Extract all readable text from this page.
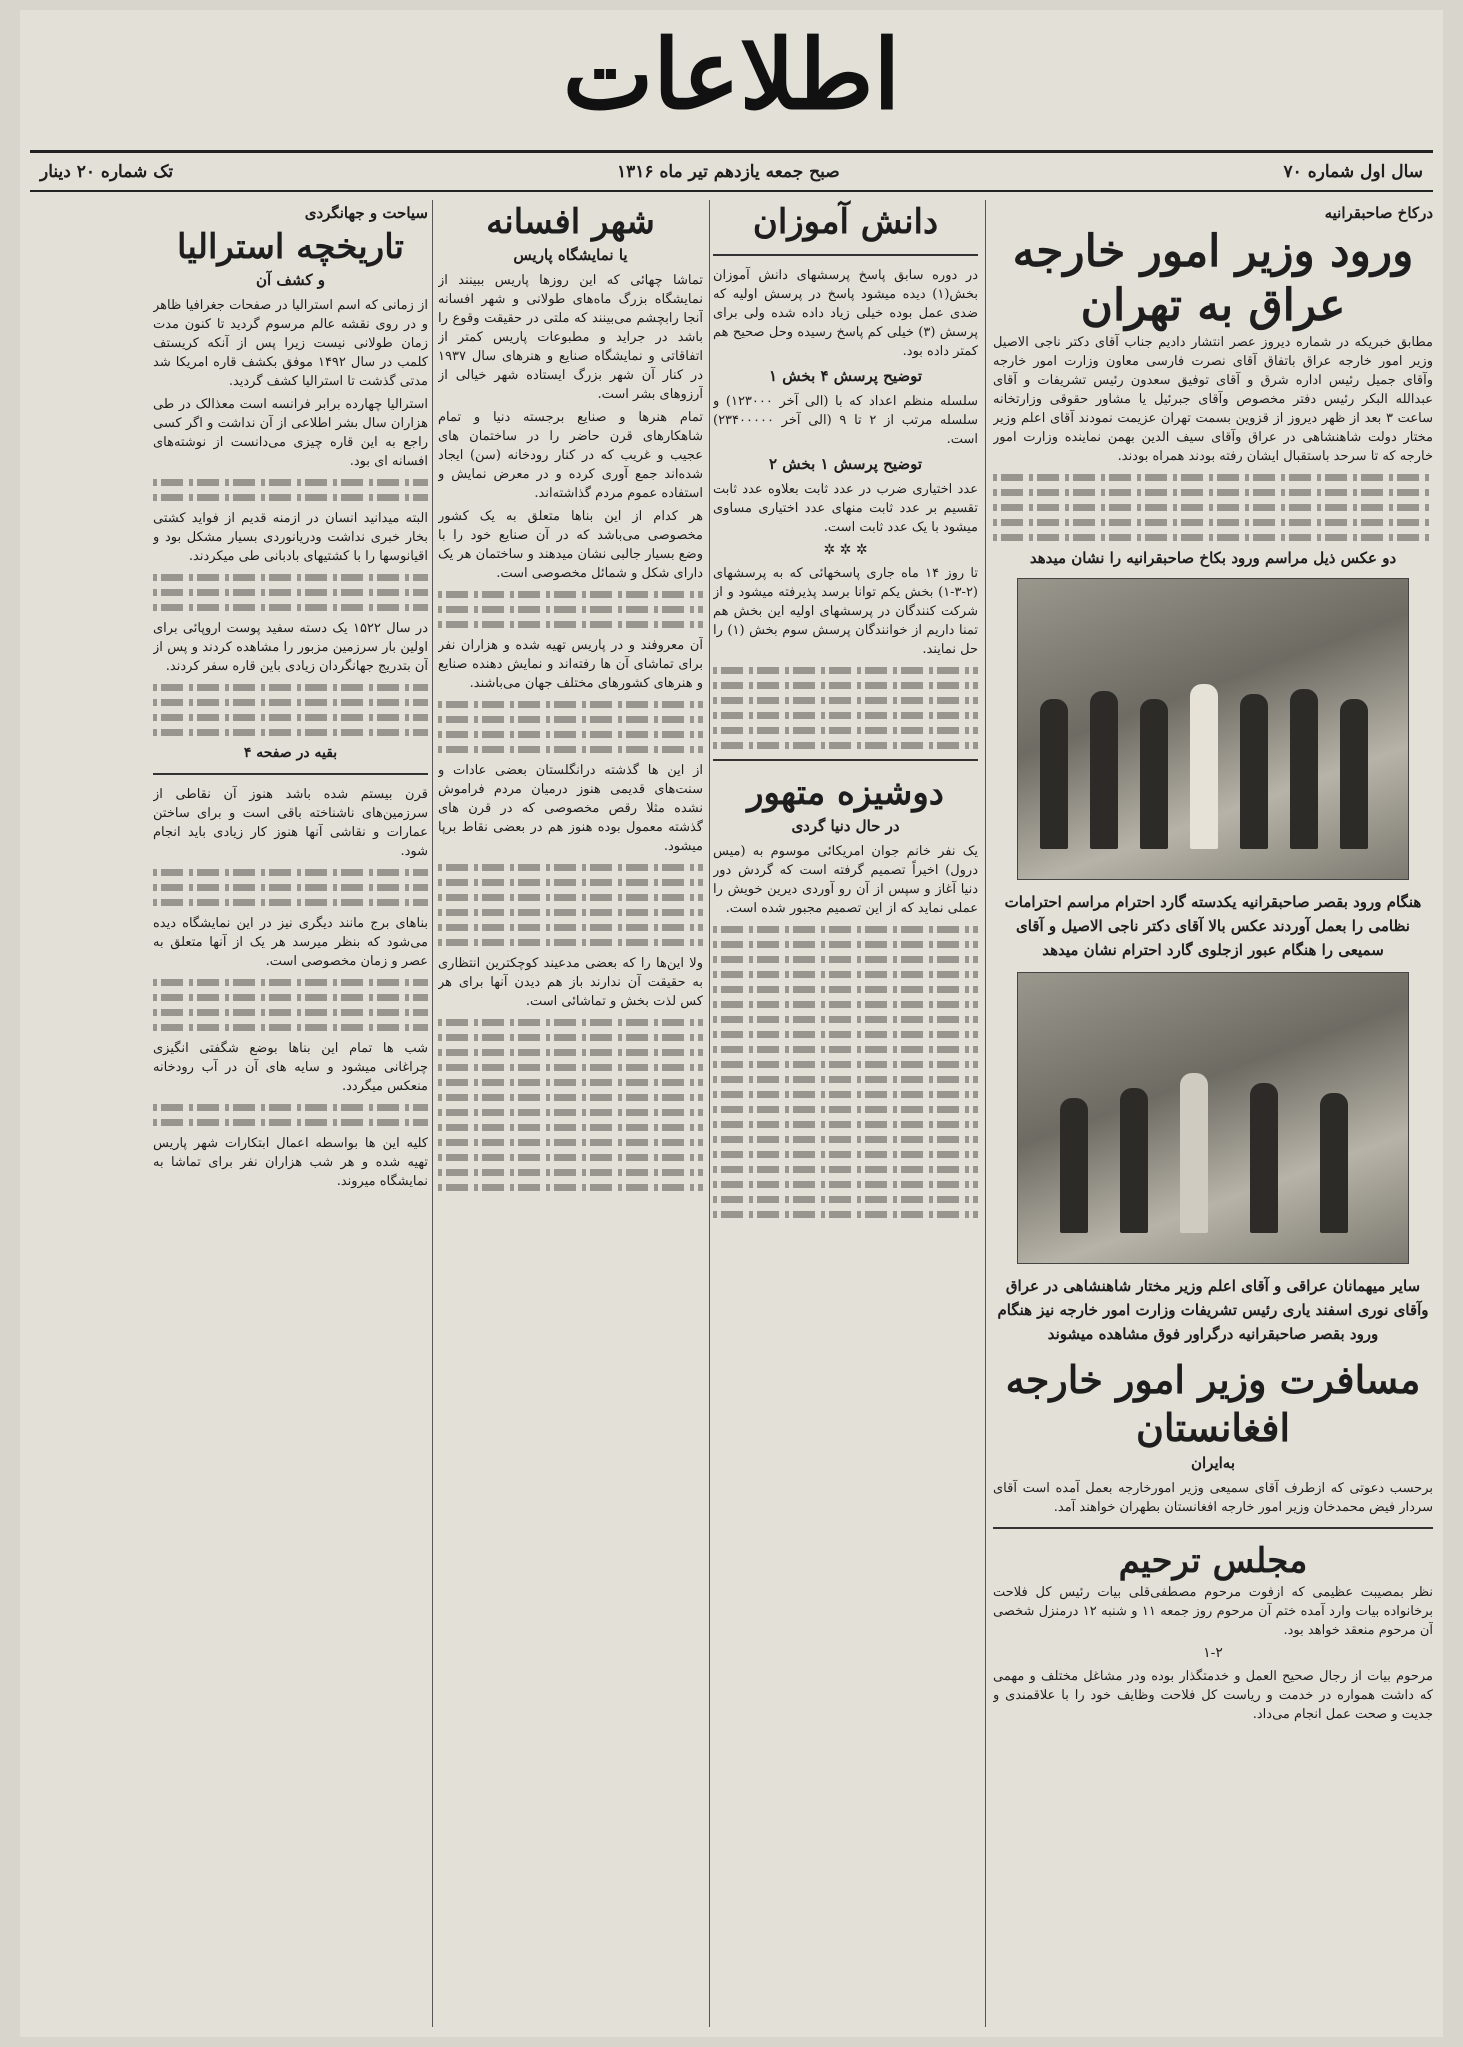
اطلاعات
سال اول شماره ۷۰
صبح جمعه یازدهم تیر ماه ۱۳۱۶
تک شماره ۲۰ دینار
درکاخ صاحبقرانیه
ورود وزیر امور خارجه عراق به تهران

مطابق خبریکه در شماره دیروز عصر انتشار دادیم جناب آقای دکتر ناجی الاصیل وزیر امور خارجه عراق باتفاق آقای نصرت فارسی معاون وزارت امور خارجه وآقای جمیل رئیس اداره شرق و آقای توفیق سعدون رئیس تشریفات و آقای عبدالله البکر رئیس دفتر مخصوص وآقای جبرئیل یا مشاور حقوقی وزارتخانه ساعت ۳ بعد از ظهر دیروز از قزوین بسمت تهران عزیمت نمودند آقای اعلم وزیر مختار دولت شاهنشاهی در عراق وآقای سیف الدین بهمن نماینده وزارت امور خارجه که تا سرحد باستقبال ایشان رفته بودند همراه بودند.

دو عکس ذیل مراسم ورود بکاخ صاحبقرانیه را نشان میدهد
هنگام ورود بقصر صاحبقرانیه یکدسته گارد احترام مراسم احترامات نظامی را بعمل آوردند عکس بالا آقای دکتر ناجی الاصیل و آقای سمیعی را هنگام عبور ازجلوی گارد احترام نشان میدهد
سایر میهمانان عراقی و آقای اعلم وزیر مختار شاهنشاهی در عراق وآقای نوری اسفند یاری رئیس تشریفات وزارت امور خارجه نیز هنگام ورود بقصر صاحبقرانیه درگراور فوق مشاهده میشوند
مسافرت وزیر امور خارجه افغانستان
به‌ایران

برحسب دعوتی که ازطرف آقای سمیعی وزیر امورخارجه بعمل آمده است آقای سردار فیض محمدخان وزیر امور خارجه افغانستان بطهران خواهند آمد.

مجلس ترحیم

نظر بمصیبت عظیمی که ازفوت مرحوم مصطفی‌قلی بیات رئیس کل فلاحت برخانواده بیات وارد آمده ختم آن مرحوم روز جمعه ۱۱ و شنبه ۱۲ درمنزل شخصی آن مرحوم منعقد خواهد بود.

۱-۲

مرحوم بیات از رجال صحیح العمل و خدمتگذار بوده ودر مشاغل مختلف و مهمی که داشت همواره در خدمت و ریاست کل فلاحت وظایف خود را با علاقمندی و جدیت و صحت عمل انجام می‌داد.

دانش آموزان

در دوره سابق پاسخ پرسشهای دانش آموزان بخش(۱) دیده میشود پاسخ در پرسش اولیه که ضدی عمل بوده خیلی زیاد داده شده ولی برای پرسش (۳) خیلی کم پاسخ رسیده وحل صحیح هم کمتر داده بود.

توضیح پرسش ۴ بخش ۱

سلسله منظم اعداد که با (الی آخر ۱۲۳۰۰۰) و سلسله مرتب از ۲ تا ۹ (الی آخر ۲۳۴۰۰۰۰۰) است.

توضیح پرسش ۱ بخش ۲

عدد اختیاری ضرب در عدد ثابت بعلاوه عدد ثابت تقسیم بر عدد ثابت منهای عدد اختیاری مساوی میشود با یک عدد ثابت است.

✲ ✲ ✲

تا روز ۱۴ ماه جاری پاسخهائی که به پرسشهای (۲-۳-۱) بخش یکم توانا برسد پذیرفته میشود و از شرکت کنندگان در پرسشهای اولیه این بخش هم تمنا داریم از خوانندگان پرسش سوم بخش (۱) را حل نمایند.

دوشیزه متهور
در حال دنیا گردی

یک نفر خانم جوان امریکائی موسوم به (میس درول) اخیراً تصمیم گرفته است که گردش دور دنیا آغاز و سپس از آن رو آوردی دیرین خویش را عملی نماید که از این تصمیم مجبور شده است.

شهر افسانه
یا نمایشگاه پاریس

تماشا چهائی که این روزها پاریس ببینند از نمایشگاه بزرگ ماه‌های طولانی و شهر افسانه آنجا رابچشم می‌بینند که ملتی در حقیقت وقوع را باشد در جراید و مطبوعات پاریس کمتر از اتفاقاتی و نمایشگاه صنایع و هنرهای سال ۱۹۳۷ در کنار آن شهر بزرگ ایستاده شهر خیالی از آرزوهای بشر است.

تمام هنرها و صنایع برجسته دنیا و تمام شاهکارهای قرن حاضر را در ساختمان های عجیب و غریب که در کنار رودخانه (سن) ایجاد شده‌اند جمع آوری کرده و در معرض نمایش و استفاده عموم مردم گذاشته‌اند.

هر کدام از این بناها متعلق به یک کشور مخصوصی می‌باشد که در آن صنایع خود را با وضع بسیار جالبی نشان میدهند و ساختمان هر یک دارای شکل و شمائل مخصوصی است.

آن معروفند و در پاریس تهیه شده و هزاران نفر برای تماشای آن ها رفته‌اند و نمایش دهنده صنایع و هنرهای کشورهای مختلف جهان می‌باشند.

از این ها گذشته درانگلستان بعضی عادات و سنت‌های قدیمی هنوز درمیان مردم فراموش نشده مثلا رقص مخصوصی که در قرن های گذشته معمول بوده هنوز هم در بعضی نقاط برپا میشود.

ولا این‌ها را که بعضی مدعیند کوچکترین انتظاری به حقیقت آن ندارند باز هم دیدن آنها برای هر کس لذت بخش و تماشائی است.

سیاحت و جهانگردی
تاریخچه استرالیا
و کشف آن

از زمانی که اسم استرالیا در صفحات جغرافیا ظاهر و در روی نقشه عالم مرسوم گردید تا کنون مدت زمان طولانی نیست زیرا پس از آنکه کریستف کلمب در سال ۱۴۹۲ موفق بکشف قاره امریکا شد مدتی گذشت تا استرالیا کشف گردید.

استرالیا چهارده برابر فرانسه است معذالک در طی هزاران سال بشر اطلاعی از آن نداشت و اگر کسی راجع به این قاره چیزی می‌دانست از نوشته‌های افسانه ای بود.

البته میدانید انسان در ازمنه قدیم از فواید کشتی بخار خبری نداشت ودریانوردی بسیار مشکل بود و اقیانوسها را با کشتیهای بادبانی طی میکردند.

در سال ۱۵۲۲ یک دسته سفید پوست اروپائی برای اولین بار سرزمین مزبور را مشاهده کردند و پس از آن بتدریج جهانگردان زیادی باین قاره سفر کردند.

بقیه در صفحه ۴

قرن بیستم شده باشد هنوز آن نقاطی از سرزمین‌های ناشناخته باقی است و برای ساختن عمارات و نقاشی آنها هنوز کار زیادی باید انجام شود.

بناهای برج مانند دیگری نیز در این نمایشگاه دیده می‌شود که بنظر میرسد هر یک از آنها متعلق به عصر و زمان مخصوصی است.

شب ها تمام این بناها بوضع شگفتی انگیزی چراغانی میشود و سایه های آن در آب رودخانه منعکس میگردد.

کلیه این ها بواسطه اعمال ابتکارات شهر پاریس تهیه شده و هر شب هزاران نفر برای تماشا به نمایشگاه میروند.
